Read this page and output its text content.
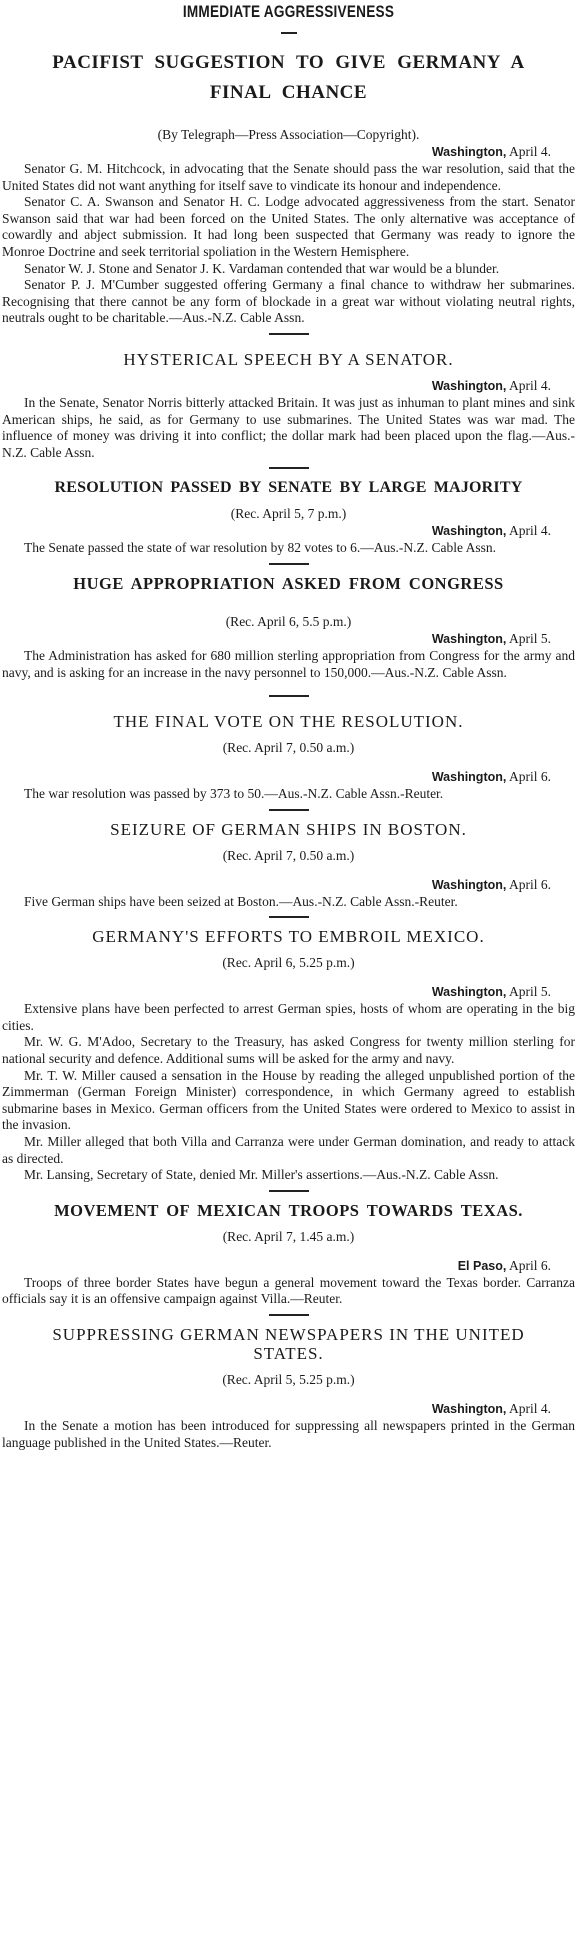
IMMEDIATE AGGRESSIVENESS
PACIFIST SUGGESTION TO GIVE GERMANY A
FINAL CHANCE

(By Telegraph—Press Association—Copyright).

Washington, April 4.

Senator G. M. Hitchcock, in advocating that the Senate should pass the war resolution, said that the United States did not want anything for itself save to vindicate its honour and independence.

Senator C. A. Swanson and Senator H. C. Lodge advocated aggressiveness from the start. Senator Swanson said that war had been forced on the United States. The only alternative was acceptance of cowardly and abject submission. It had long been suspected that Germany was ready to ignore the Monroe Doctrine and seek territorial spoliation in the Western Hemisphere.

Senator W. J. Stone and Senator J. K. Vardaman contended that war would be a blunder.

Senator P. J. M'Cumber suggested offering Germany a final chance to withdraw her submarines. Recognising that there cannot be any form of blockade in a great war without violating neutral rights, neutrals ought to be charitable.—Aus.-N.Z. Cable Assn.

HYSTERICAL SPEECH BY A SENATOR.

Washington, April 4.

In the Senate, Senator Norris bitterly attacked Britain. It was just as inhuman to plant mines and sink American ships, he said, as for Germany to use submarines. The United States was war mad. The influence of money was driving it into conflict; the dollar mark had been placed upon the flag.—Aus.-N.Z. Cable Assn.

RESOLUTION PASSED BY SENATE BY LARGE MAJORITY

(Rec. April 5, 7 p.m.)

Washington, April 4.

The Senate passed the state of war resolution by 82 votes to 6.—Aus.-N.Z. Cable Assn.

HUGE APPROPRIATION ASKED FROM CONGRESS

(Rec. April 6, 5.5 p.m.)

Washington, April 5.

The Administration has asked for 680 million sterling appropriation from Congress for the army and navy, and is asking for an increase in the navy personnel to 150,000.—Aus.-N.Z. Cable Assn.

THE FINAL VOTE ON THE RESOLUTION.

(Rec. April 7, 0.50 a.m.)

Washington, April 6.

The war resolution was passed by 373 to 50.—Aus.-N.Z. Cable Assn.-Reuter.

SEIZURE OF GERMAN SHIPS IN BOSTON.

(Rec. April 7, 0.50 a.m.)

Washington, April 6.

Five German ships have been seized at Boston.—Aus.-N.Z. Cable Assn.-Reuter.

GERMANY'S EFFORTS TO EMBROIL MEXICO.

(Rec. April 6, 5.25 p.m.)

Washington, April 5.

Extensive plans have been perfected to arrest German spies, hosts of whom are operating in the big cities.

Mr. W. G. M'Adoo, Secretary to the Treasury, has asked Congress for twenty million sterling for national security and defence. Additional sums will be asked for the army and navy.

Mr. T. W. Miller caused a sensation in the House by reading the alleged unpublished portion of the Zimmerman (German Foreign Minister) correspondence, in which Germany agreed to establish submarine bases in Mexico. German officers from the United States were ordered to Mexico to assist in the invasion.

Mr. Miller alleged that both Villa and Carranza were under German domination, and ready to attack as directed.

Mr. Lansing, Secretary of State, denied Mr. Miller's assertions.—Aus.-N.Z. Cable Assn.

MOVEMENT OF MEXICAN TROOPS TOWARDS TEXAS.

(Rec. April 7, 1.45 a.m.)

El Paso, April 6.

Troops of three border States have begun a general movement toward the Texas border. Carranza officials say it is an offensive campaign against Villa.—Reuter.

SUPPRESSING GERMAN NEWSPAPERS IN THE UNITED
STATES.

(Rec. April 5, 5.25 p.m.)

Washington, April 4.

In the Senate a motion has been introduced for suppressing all newspapers printed in the German language published in the United States.—Reuter.
